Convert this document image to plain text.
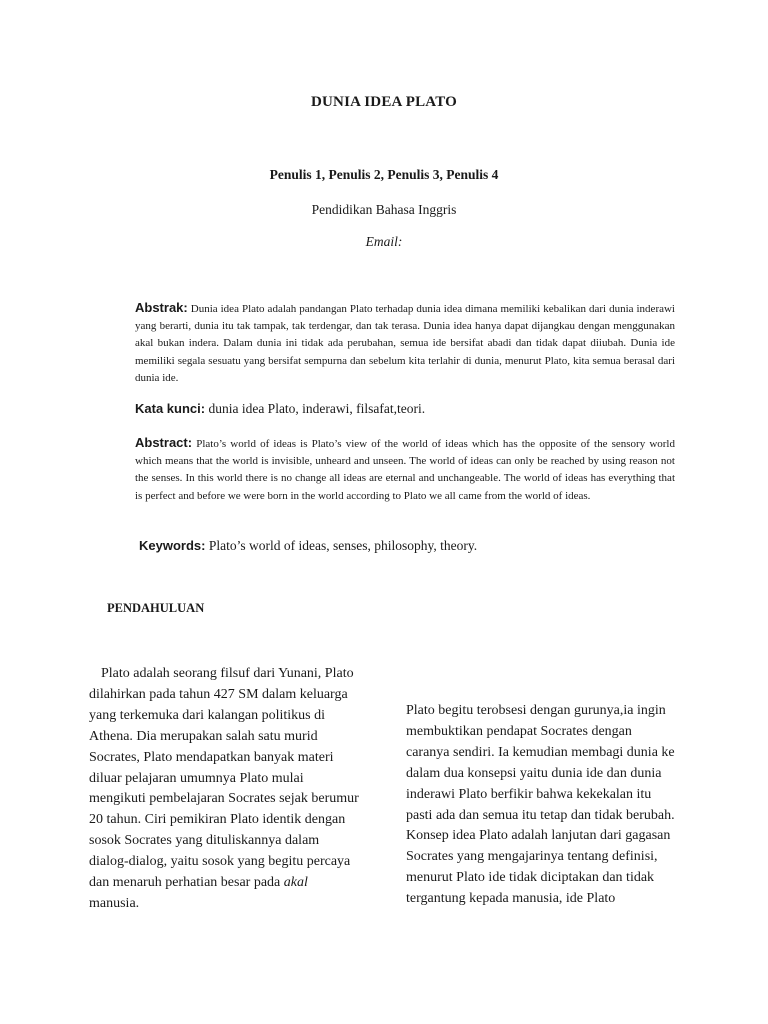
DUNIA IDEA PLATO
Penulis 1, Penulis 2, Penulis 3, Penulis 4
Pendidikan Bahasa Inggris
Email:
Abstrak: Dunia idea Plato adalah pandangan Plato terhadap dunia idea dimana memiliki kebalikan dari dunia inderawi yang berarti, dunia itu tak tampak, tak terdengar, dan tak terasa. Dunia idea hanya dapat dijangkau dengan menggunakan akal bukan indera. Dalam dunia ini tidak ada perubahan, semua ide bersifat abadi dan tidak dapat diiubah. Dunia ide memiliki segala sesuatu yang bersifat sempurna dan sebelum kita terlahir di dunia, menurut Plato, kita semua berasal dari dunia ide.
Kata kunci: dunia idea Plato, inderawi, filsafat,teori.
Abstract: Plato’s world of ideas is Plato’s view of the world of ideas which has the opposite of the sensory world which means that the world is invisible, unheard and unseen. The world of ideas can only be reached by using reason not the senses. In this world there is no change all ideas are eternal and unchangeable. The world of ideas has everything that is perfect and before we were born in the world according to Plato we all came from the world of ideas.
Keywords: Plato’s world of ideas, senses, philosophy, theory.
PENDAHULUAN

Plato adalah seorang filsuf dari Yunani, Plato dilahirkan pada tahun 427 SM dalam keluarga yang terkemuka dari kalangan politikus di Athena. Dia merupakan salah satu murid Socrates, Plato mendapatkan banyak materi diluar pelajaran umumnya Plato mulai mengikuti pembelajaran Socrates sejak berumur 20 tahun. Ciri pemikiran Plato identik dengan sosok Socrates yang dituliskannya dalam dialog-dialog, yaitu sosok yang begitu percaya dan menaruh perhatian besar pada akal manusia.

Plato begitu terobsesi dengan gurunya,ia ingin membuktikan pendapat Socrates dengan caranya sendiri. Ia kemudian membagi dunia ke dalam dua konsepsi yaitu dunia ide dan dunia inderawi Plato berfikir bahwa kekekalan itu pasti ada dan semua itu tetap dan tidak berubah. Konsep idea Plato adalah lanjutan dari gagasan Socrates yang mengajarinya tentang definisi, menurut Plato ide tidak diciptakan dan tidak tergantung kepada manusia, ide Plato
